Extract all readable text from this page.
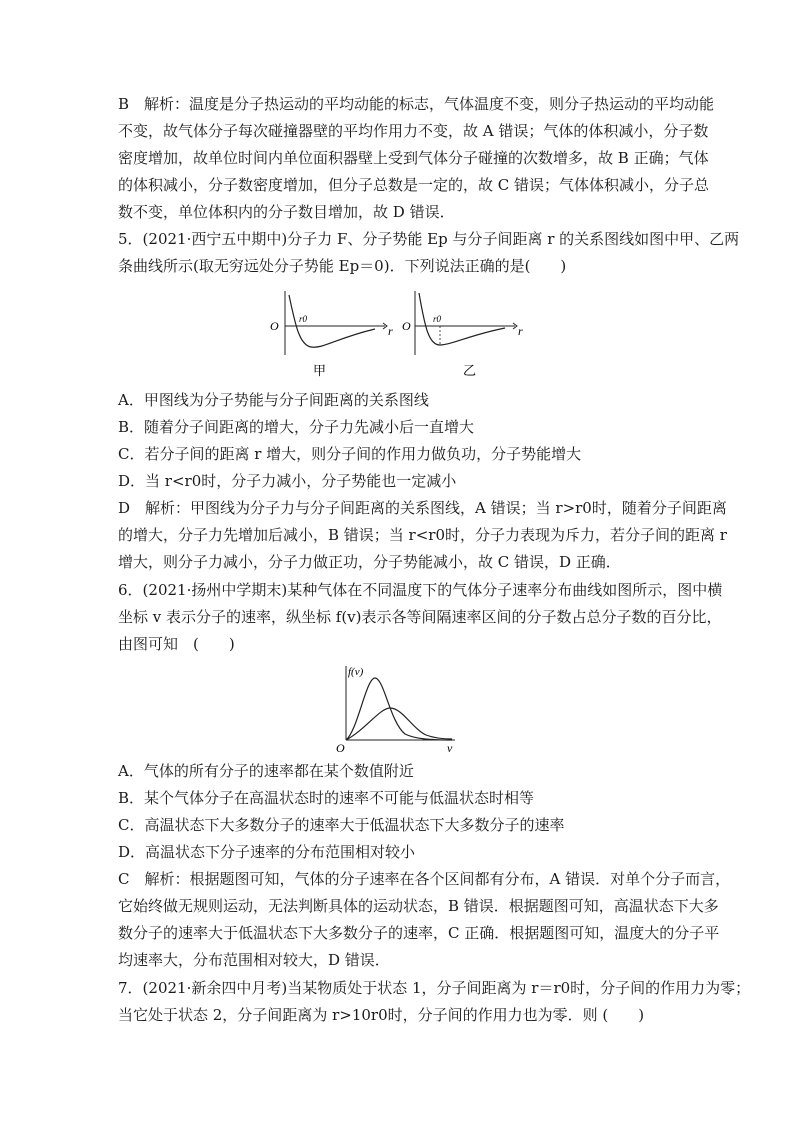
B　解析：温度是分子热运动的平均动能的标志，气体温度不变，则分子热运动的平均动能
不变，故气体分子每次碰撞器壁的平均作用力不变，故 A 错误；气体的体积减小，分子数
密度增加，故单位时间内单位面积器壁上受到气体分子碰撞的次数增多，故 B 正确；气体
的体积减小，分子数密度增加，但分子总数是一定的，故 C 错误；气体体积减小，分子总
数不变，单位体积内的分子数目增加，故 D 错误．
5．(2021·西宁五中期中)分子力 F、分子势能 Ep 与分子间距离 r 的关系图线如图中甲、乙两
条曲线所示(取无穷远处分子势能 Ep＝0)．下列说法正确的是(　　)
O	r
r0	O	r
r0
甲	乙
A．甲图线为分子势能与分子间距离的关系图线
B．随着分子间距离的增大，分子力先减小后一直增大
C．若分子间的距离 r 增大，则分子间的作用力做负功，分子势能增大
D．当 r<r0时，分子力减小，分子势能也一定减小
D　解析：甲图线为分子力与分子间距离的关系图线，A 错误；当 r>r0时，随着分子间距离
的增大，分子力先增加后减小，B 错误；当 r<r0时，分子力表现为斥力，若分子间的距离 r
增大，则分子力减小，分子力做正功，分子势能减小，故 C 错误，D 正确．
6．(2021·扬州中学期末)某种气体在不同温度下的气体分子速率分布曲线如图所示，图中横
坐标 v 表示分子的速率，纵坐标 f(v)表示各等间隔速率区间的分子数占总分子数的百分比，
由图可知　(　　)
f(v)
O	v
A．气体的所有分子的速率都在某个数值附近
B．某个气体分子在高温状态时的速率不可能与低温状态时相等
C．高温状态下大多数分子的速率大于低温状态下大多数分子的速率
D．高温状态下分子速率的分布范围相对较小
C　解析：根据题图可知，气体的分子速率在各个区间都有分布，A 错误．对单个分子而言，
它始终做无规则运动，无法判断具体的运动状态，B 错误．根据题图可知，高温状态下大多
数分子的速率大于低温状态下大多数分子的速率，C 正确．根据题图可知，温度大的分子平
均速率大，分布范围相对较大，D 错误．
7．(2021·新余四中月考)当某物质处于状态 1，分子间距离为 r＝r0时，分子间的作用力为零；
当它处于状态 2，分子间距离为 r>10r0时，分子间的作用力也为零．则 (　　)
